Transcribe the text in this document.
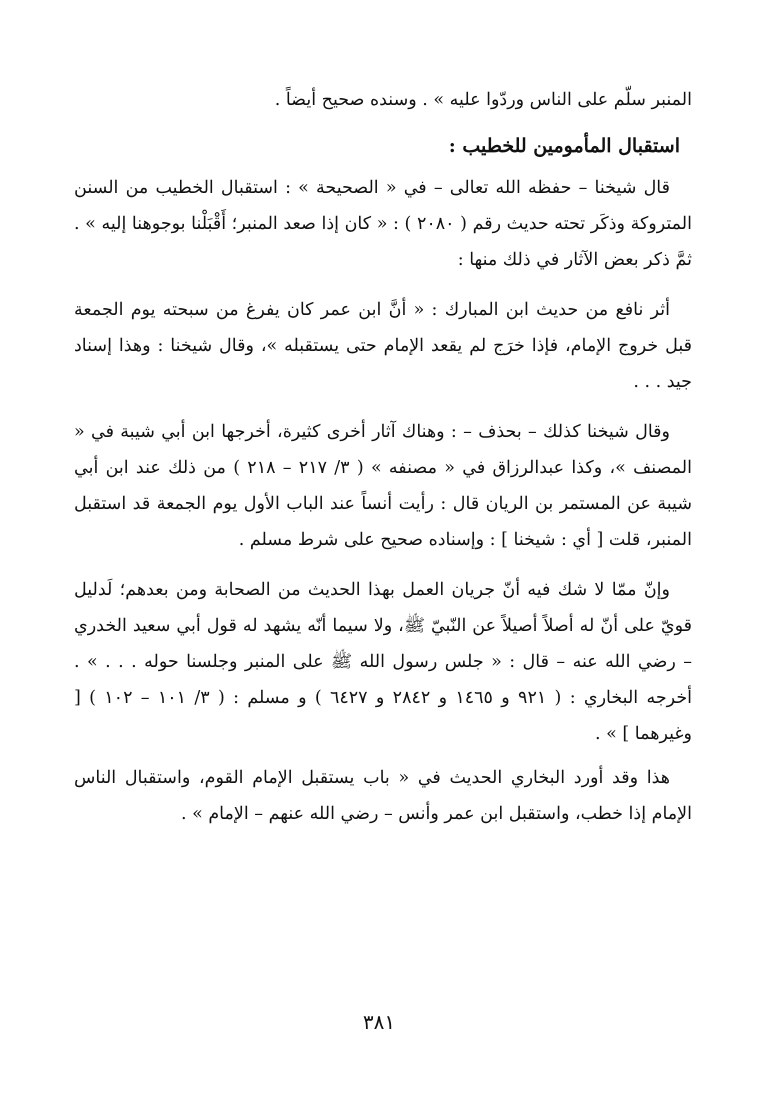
المنبر سلّم على الناس وردّوا عليه » . وسنده صحيح أيضاً .

استقبال المأمومين للخطيب :

قال شيخنا – حفظه الله تعالى – في « الصحيحة » : استقبال الخطيب من السنن المتروكة وذكَر تحته حديث رقم ( ٢٠٨٠ ) : « كان إذا صعد المنبر؛ أَقْبَلْنا بوجوهنا إليه » . ثمَّ ذكر بعض الآثار في ذلك منها :

أثر نافع من حديث ابن المبارك : « أنَّ ابن عمر كان يفرغ من سبحته يوم الجمعة قبل خروج الإمام، فإذا خرَج لم يقعد الإمام حتى يستقبله »، وقال شيخنا : وهذا إسناد جيد . . .

وقال شيخنا كذلك – بحذف – : وهناك آثار أخرى كثيرة، أخرجها ابن أبي شيبة في « المصنف »، وكذا عبدالرزاق في « مصنفه » ( ٣/ ٢١٧ – ٢١٨ ) من ذلك عند ابن أبي شيبة عن المستمر بن الريان قال : رأيت أنساً عند الباب الأول يوم الجمعة قد استقبل المنبر، قلت [ أي : شيخنا ] : وإسناده صحيح على شرط مسلم .

وإنّ ممّا لا شك فيه أنّ جريان العمل بهذا الحديث من الصحابة ومن بعدهم؛ لَدليل قويّ على أنّ له أصلاً أصيلاً عن النّبيّ ﷺ، ولا سيما أنّه يشهد له قول أبي سعيد الخدري – رضي الله عنه – قال : « جلس رسول الله ﷺ على المنبر وجلسنا حوله . . . » . أخرجه البخاري : ( ٩٢١ و ١٤٦٥ و ٢٨٤٢ و ٦٤٢٧ ) و مسلم : ( ٣/ ١٠١ – ١٠٢ ) [ وغيرهما ] » .

هذا وقد أورد البخاري الحديث في « باب يستقبل الإمام القوم، واستقبال الناس الإمام إذا خطب، واستقبل ابن عمر وأنس – رضي الله عنهم – الإمام » .

٣٨١
